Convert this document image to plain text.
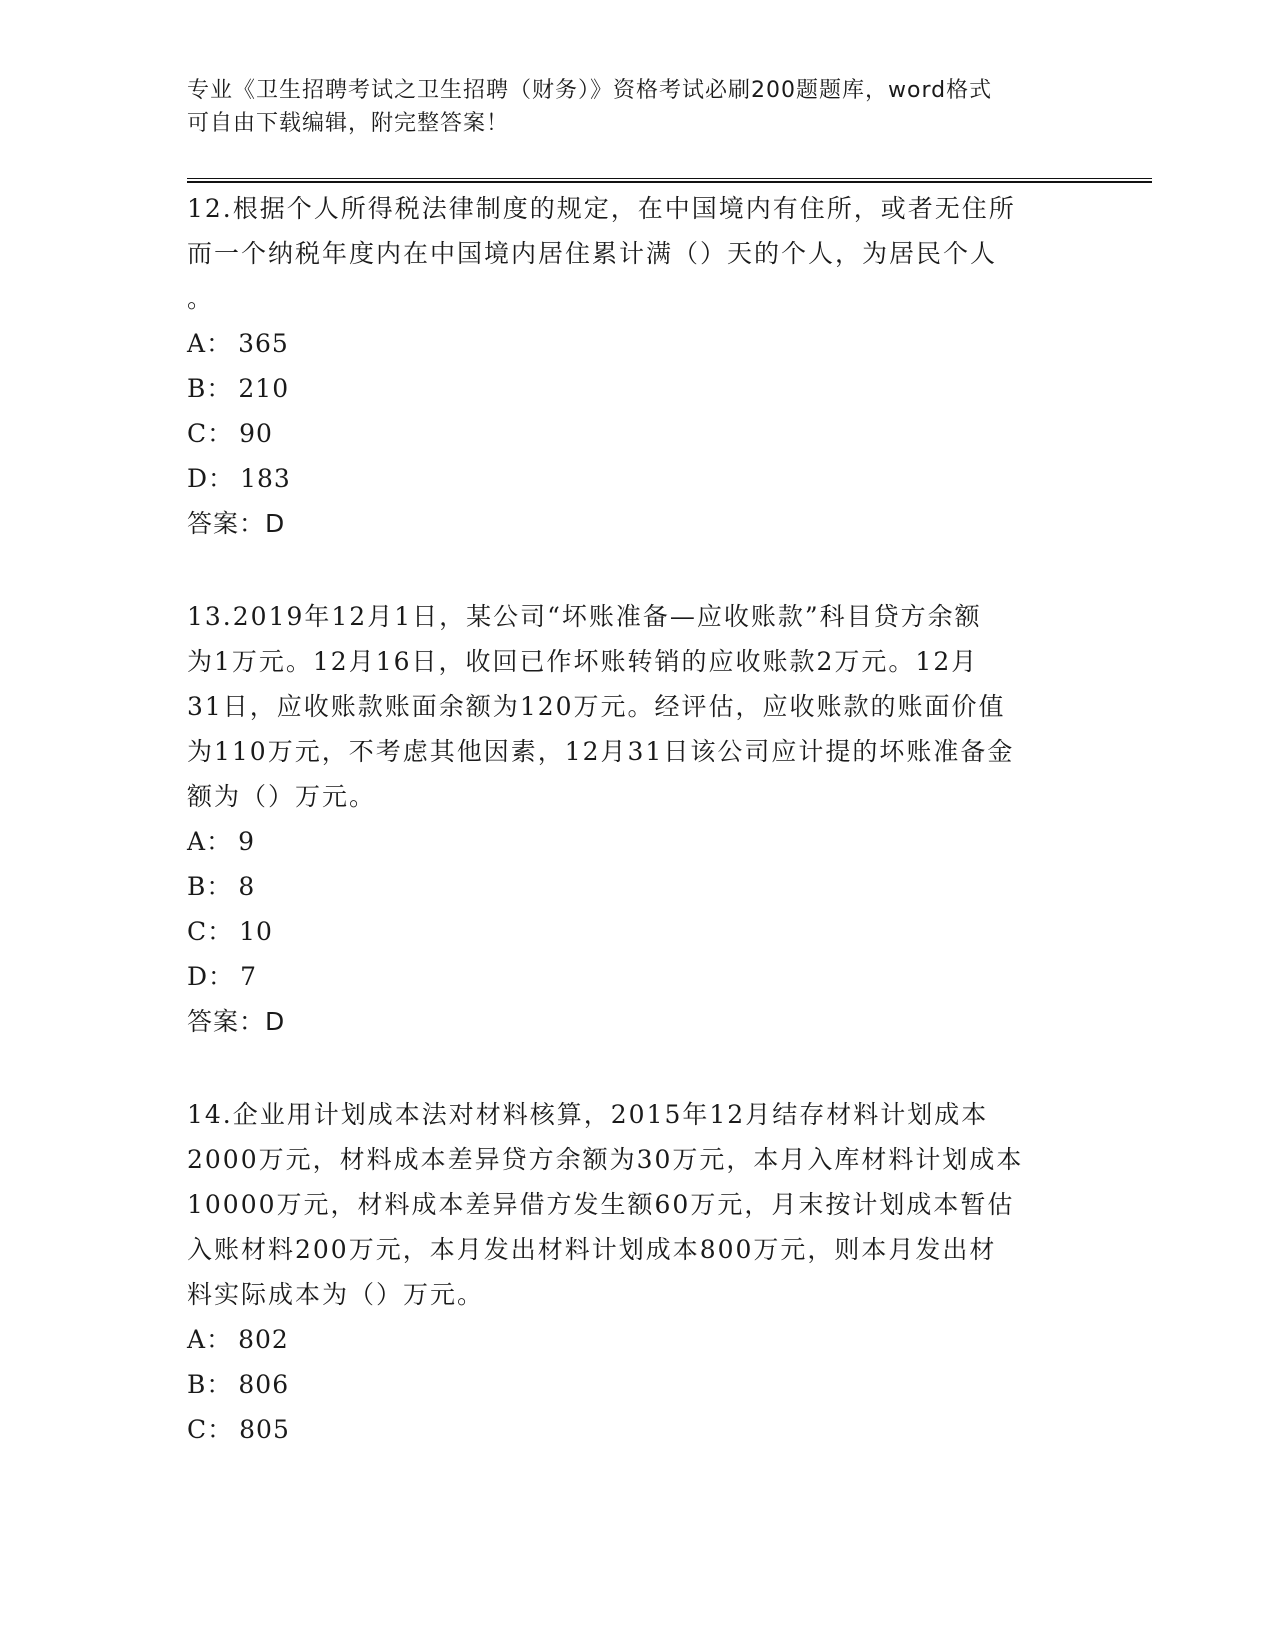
专业《卫生招聘考试之卫生招聘（财务）》资格考试必刷200题题库，word格式
可自由下载编辑，附完整答案！

12.根据个人所得税法律制度的规定，在中国境内有住所，或者无住所
而一个纳税年度内在中国境内居住累计满（）天的个人，为居民个人
。

A： 365
B： 210
C： 90
D： 183
答案：D

13.2019年12月1日，某公司“坏账准备—应收账款”科目贷方余额
为1万元。12月16日，收回已作坏账转销的应收账款2万元。12月
31日，应收账款账面余额为120万元。经评估，应收账款的账面价值
为110万元，不考虑其他因素，12月31日该公司应计提的坏账准备金
额为（）万元。

A： 9
B： 8
C： 10
D： 7
答案：D

14.企业用计划成本法对材料核算，2015年12月结存材料计划成本
2000万元，材料成本差异贷方余额为30万元，本月入库材料计划成本
10000万元，材料成本差异借方发生额60万元，月末按计划成本暂估
入账材料200万元，本月发出材料计划成本800万元，则本月发出材
料实际成本为（）万元。

A： 802
B： 806
C： 805
